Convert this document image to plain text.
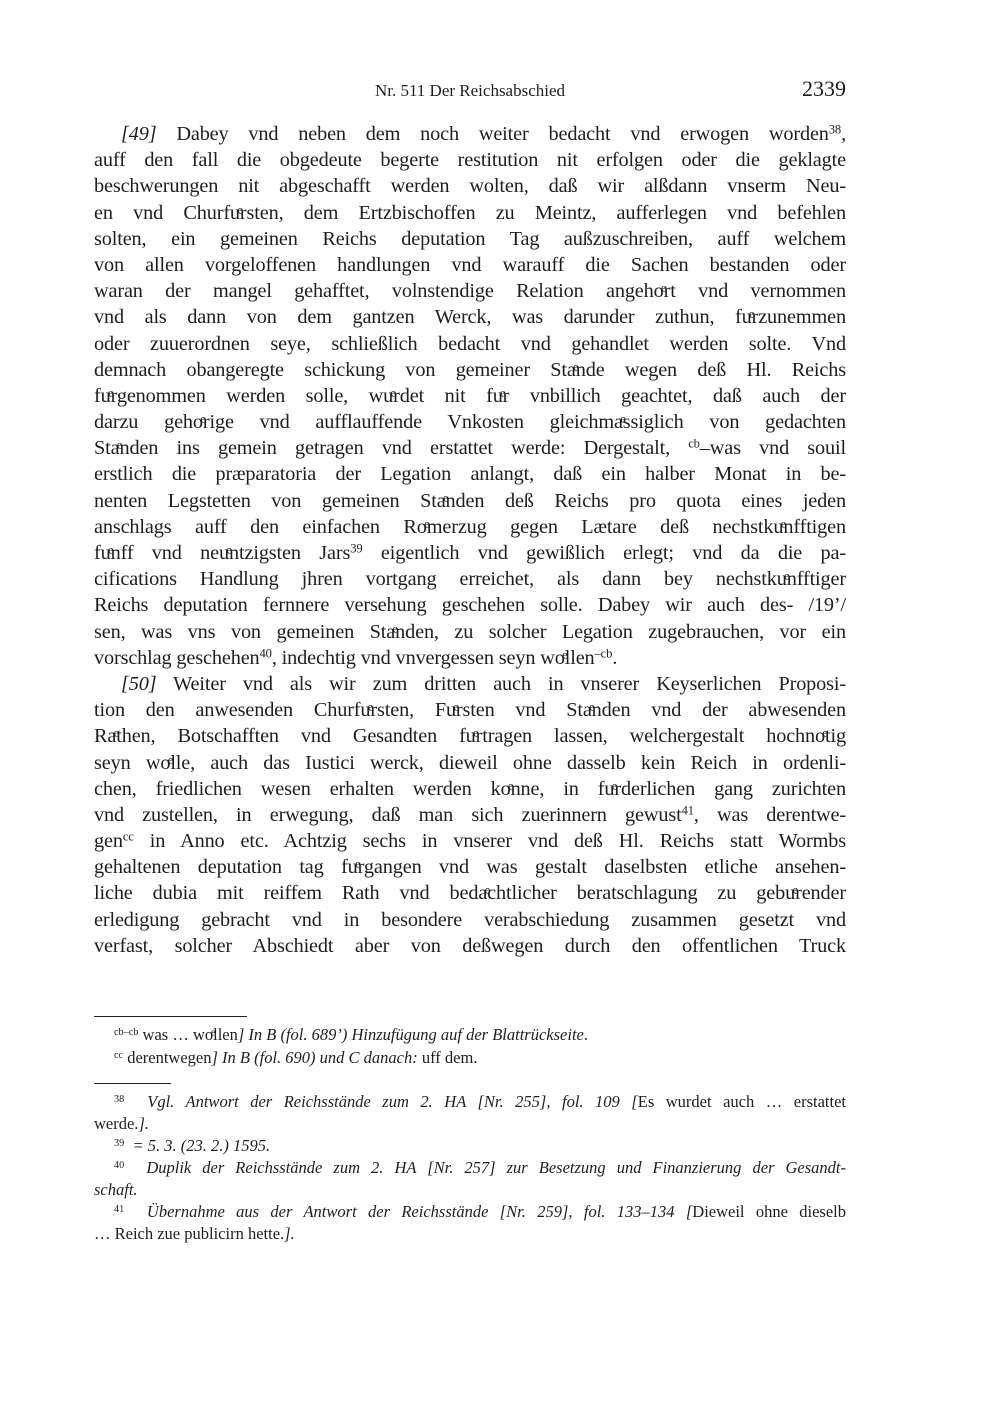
Nr. 511 Der Reichsabschied	2339
[49] Dabey vnd neben dem noch weiter bedacht vnd erwogen worden$^{38}$,
auff den fall die obgedeute begerte restitution nit erfolgen oder die geklagte
beschwerungen nit abgeschafft werden wolten, daß wir alßdann vnserm Neu-
en vnd Churfuͤrsten, dem Ertzbischoffen zu Meintz, aufferlegen vnd befehlen
solten, ein gemeinen Reichs deputation Tag außzuschreiben, auff welchem
von allen vorgeloffenen handlungen vnd warauff die Sachen bestanden oder
waran der mangel gehafftet, volnstendige Relation angehoͤrt vnd vernommen
vnd als dann von dem gantzen Werck, was darunder zuthun, fuͤrzunemmen
oder zuuerordnen seye, schließlich bedacht vnd gehandlet werden solte. Vnd
demnach obangeregte schickung von gemeiner Staͤnde wegen deß Hl. Reichs
fuͤrgenommen werden solle, wuͤrdet nit fuͤr vnbillich geachtet, daß auch der
darzu gehoͤrige vnd aufflauffende Vnkosten gleichmaͤssiglich von gedachten
Staͤnden ins gemein getragen vnd erstattet werde: Dergestalt, $^{cb}$–was vnd souil
erstlich die præparatoria der Legation anlangt, daß ein halber Monat in be-
nenten Legstetten von gemeinen Staͤnden deß Reichs pro quota eines jeden
anschlags auff den einfachen Roͤmerzug gegen Lætare deß nechstkuͤnfftigen
fuͤnff vnd neuͤntzigsten Jars$^{39}$ eigentlich vnd gewißlich erlegt; vnd da die pa-
cifications Handlung jhren vortgang erreichet, als dann bey nechstkuͤnfftiger
Reichs deputation fernnere versehung geschehen solle. Dabey wir auch des- /19’/
sen, was vns von gemeinen Staͤnden, zu solcher Legation zugebrauchen, vor ein
vorschlag geschehen$^{40}$, indechtig vnd vnvergessen seyn woͤllen$^{-cb}$.
[50] Weiter vnd als wir zum dritten auch in vnserer Keyserlichen Proposi-
tion den anwesenden Churfuͤrsten, Fuͤrsten vnd Staͤnden vnd der abwesenden
Raͤthen, Botschafften vnd Gesandten fuͤrtragen lassen, welchergestalt hochnoͤtig
seyn woͤlle, auch das Iustici werck, dieweil ohne dasselb kein Reich in ordenli-
chen, friedlichen wesen erhalten werden koͤnne, in fuͤrderlichen gang zurichten
vnd zustellen, in erwegung, daß man sich zuerinnern gewust$^{41}$, was derentwe-
gen$^{cc}$ in Anno etc. Achtzig sechs in vnserer vnd deß Hl. Reichs statt Wormbs
gehaltenen deputation tag fuͤrgangen vnd was gestalt daselbsten etliche ansehen-
liche dubia mit reiffem Rath vnd bedaͤchtlicher beratschlagung zu gebuͤrender
erledigung gebracht vnd in besondere verabschiedung zusammen gesetzt vnd
verfast, solcher Abschiedt aber von deßwegen durch den offentlichen Truck
$^{cb-cb}$ was … woͤllen] In B (fol. 689’) Hinzufügung auf der Blattrückseite.
$^{cc}$ derentwegen] In B (fol. 690) und C danach: uff dem.
$^{38}$ Vgl. Antwort der Reichsstände zum 2. HA [Nr. 255], fol. 109 [Es wurdet auch … erstattet
werde.].
$^{39}$ = 5. 3. (23. 2.) 1595.
$^{40}$ Duplik der Reichsstände zum 2. HA [Nr. 257] zur Besetzung und Finanzierung der Gesandt-
schaft.
$^{41}$ Übernahme aus der Antwort der Reichsstände [Nr. 259], fol. 133–134 [Dieweil ohne dieselb
… Reich zue publicirn hette.].
